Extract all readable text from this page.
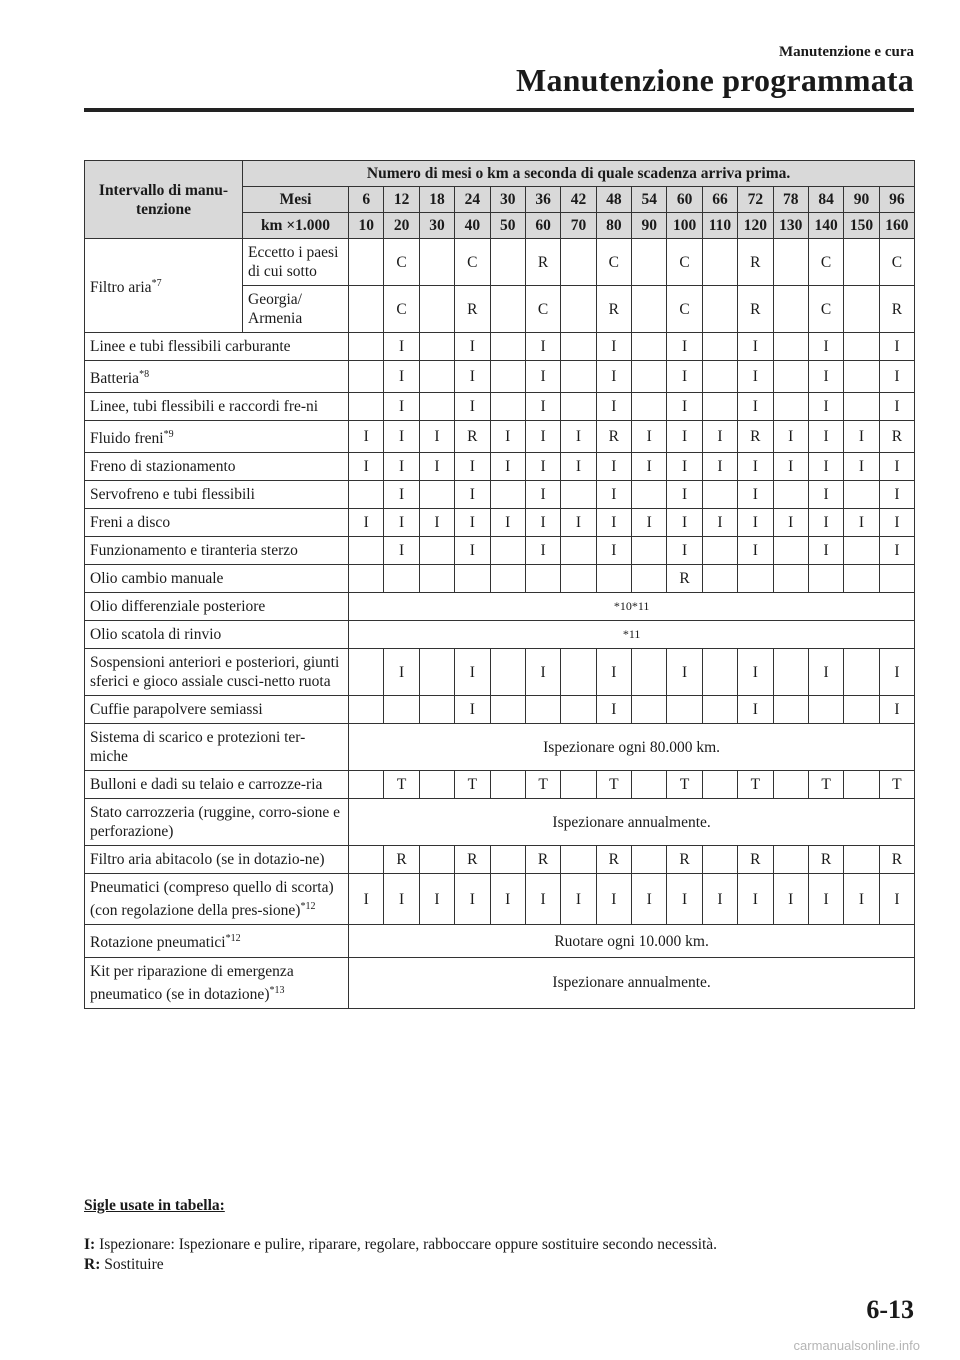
Manutenzione e cura
Manutenzione programmata
Intervallo di manu-tenzione	Numero di mesi o km a seconda di quale scadenza arriva prima.																
	Mesi	6	12	18	24	30	36	42	48	54	60	66	72	78	84	90	96
	km ×1.000	10	20	30	40	50	60	70	80	90	100	110	120	130	140	150	160
Filtro aria$^{*7}$	Eccetto i paesi di cui sotto		C		C		R		C		C		R		C		C
	Georgia/ Armenia		C		R		C		R		C		R		C		R
Linee e tubi flessibili carburante			I		I		I		I		I		I		I		I
Batteria$^{*8}$			I		I		I		I		I		I		I		I
Linee, tubi flessibili e raccordi fre-ni			I		I		I		I		I		I		I		I
Fluido freni$^{*9}$		I	I	I	R	I	I	I	R	I	I	I	R	I	I	I	R
Freno di stazionamento		I	I	I	I	I	I	I	I	I	I	I	I	I	I	I	I
Servofreno e tubi flessibili			I		I		I		I		I		I		I		I
Freni a disco		I	I	I	I	I	I	I	I	I	I	I	I	I	I	I	I
Funzionamento e tiranteria sterzo			I		I		I		I		I		I		I		I
Olio cambio manuale											R						
Olio differenziale posteriore		*10*11															
Olio scatola di rinvio		*11															
Sospensioni anteriori e posteriori, giunti sferici e gioco assiale cusci-netto ruota			I		I		I		I		I		I		I		I
Cuffie parapolvere semiassi					I				I				I				I
Sistema di scarico e protezioni ter-miche		Ispezionare ogni 80.000 km.															
Bulloni e dadi su telaio e carrozze-ria			T		T		T		T		T		T		T		T
Stato carrozzeria (ruggine, corro-sione e perforazione)		Ispezionare annualmente.															
Filtro aria abitacolo (se in dotazio-ne)			R		R		R		R		R		R		R		R
Pneumatici (compreso quello di scorta) (con regolazione della pres-sione)$^{*12}$		I	I	I	I	I	I	I	I	I	I	I	I	I	I	I	I
Rotazione pneumatici$^{*12}$		Ruotare ogni 10.000 km.															
Kit per riparazione di emergenza pneumatico (se in dotazione)$^{*13}$		Ispezionare annualmente.															
Sigle usate in tabella:
I: Ispezionare: Ispezionare e pulire, riparare, regolare, rabboccare oppure sostituire secondo necessità.
R: Sostituire
6-13
carmanualsonline.info
